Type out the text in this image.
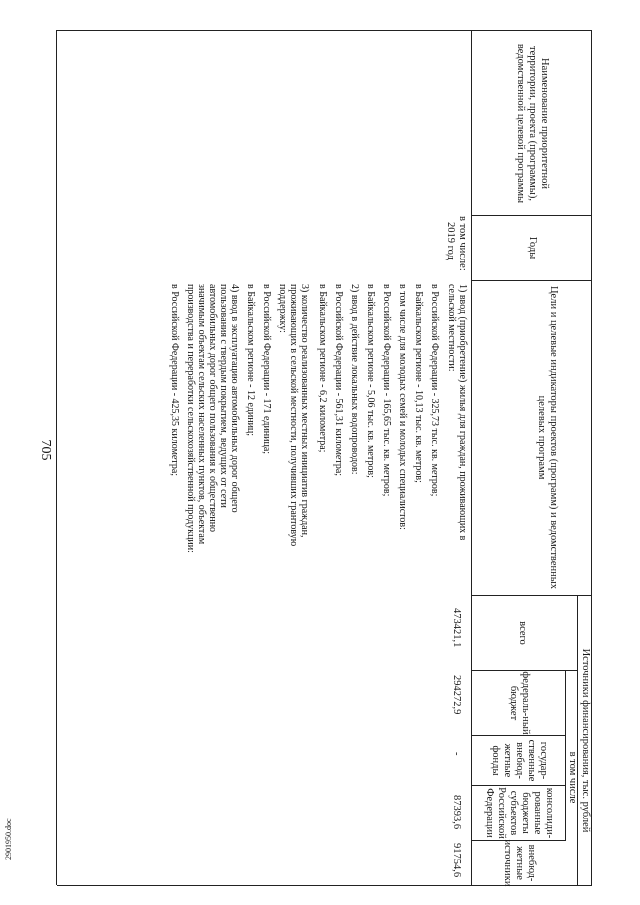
705
2901950.doc
Наименование приоритетной территории, проекта (программы), ведомственной целевой программы
Годы
Цели и целевые индикаторы проектов (программ) и ведомственных целевых программ
Источники финансирования, тыс. рублей
всего
в том числе
федераль-ный бюджет
государ-ственные внебюд-жетные фонды
консолиди-рованные бюджеты субъектов Российской Федерации
внебюд-жетные источники
в том числе:
2019 год
1) ввод (приобретение) жилья для граждан, проживающих в
сельской местности:
в Российской Федерации - 325,73 тыс. кв. метров;
в Байкальском регионе - 10,13 тыс. кв. метров;
в том числе для молодых семей и молодых специалистов:
в Российской Федерации - 165,65 тыс. кв. метров;
в Байкальском регионе - 5,06 тыс. кв. метров;
2) ввод в действие локальных водопроводов:
в Российской Федерации - 561,31 километра;
в Байкальском регионе - 6,2 километра;
3) количество реализованных местных инициатив граждан,
проживающих в сельской местности, получивших грантовую
поддержку:
в Российской Федерации - 171 единица;
в Байкальском регионе - 12 единиц;
4) ввод в эксплуатацию автомобильных дорог общего
пользования с твердым покрытием, ведущих от сети
автомобильных дорог общего пользования к общественно
значимым объектам сельских населенных пунктов, объектам
производства и переработки сельскохозяйственной продукции:
в Российской Федерации - 425,35 километра;
473421,1
294272,9
-
87393,6
91754,6
